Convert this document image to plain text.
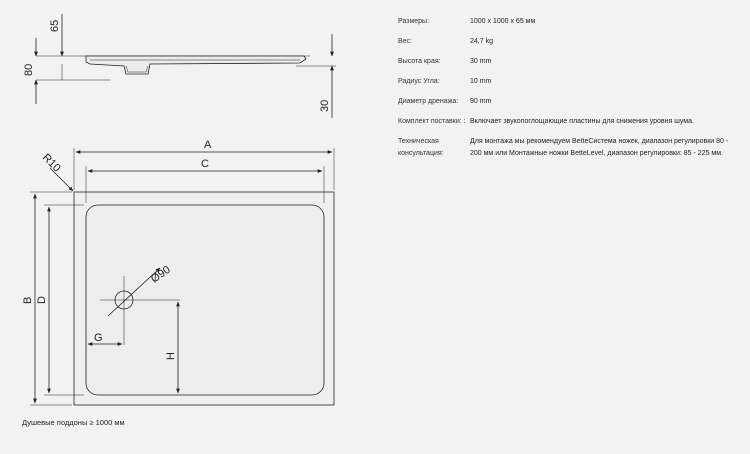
65
80
30
A
C
B D
R10
Ø90
G
H
Душевые поддоны ≥ 1000 мм
Размеры:	1000 x 1000 x 65 мм
Вес:	24,7 kg
Высота края:	30 mm
Радиус Угла:	10 mm
Диаметр дренажа:	90 mm
Комплект поставки: : Включает звукопоглощающие пластины для снижения уровня шума.
Техническая консультация:
Для монтажа мы рекомендуем BetteСистема ножек, диапазон регулировки 80 - 200 мм или Монтажные ножки BetteLevel, диапазон регулировки: 85 - 225 мм.
